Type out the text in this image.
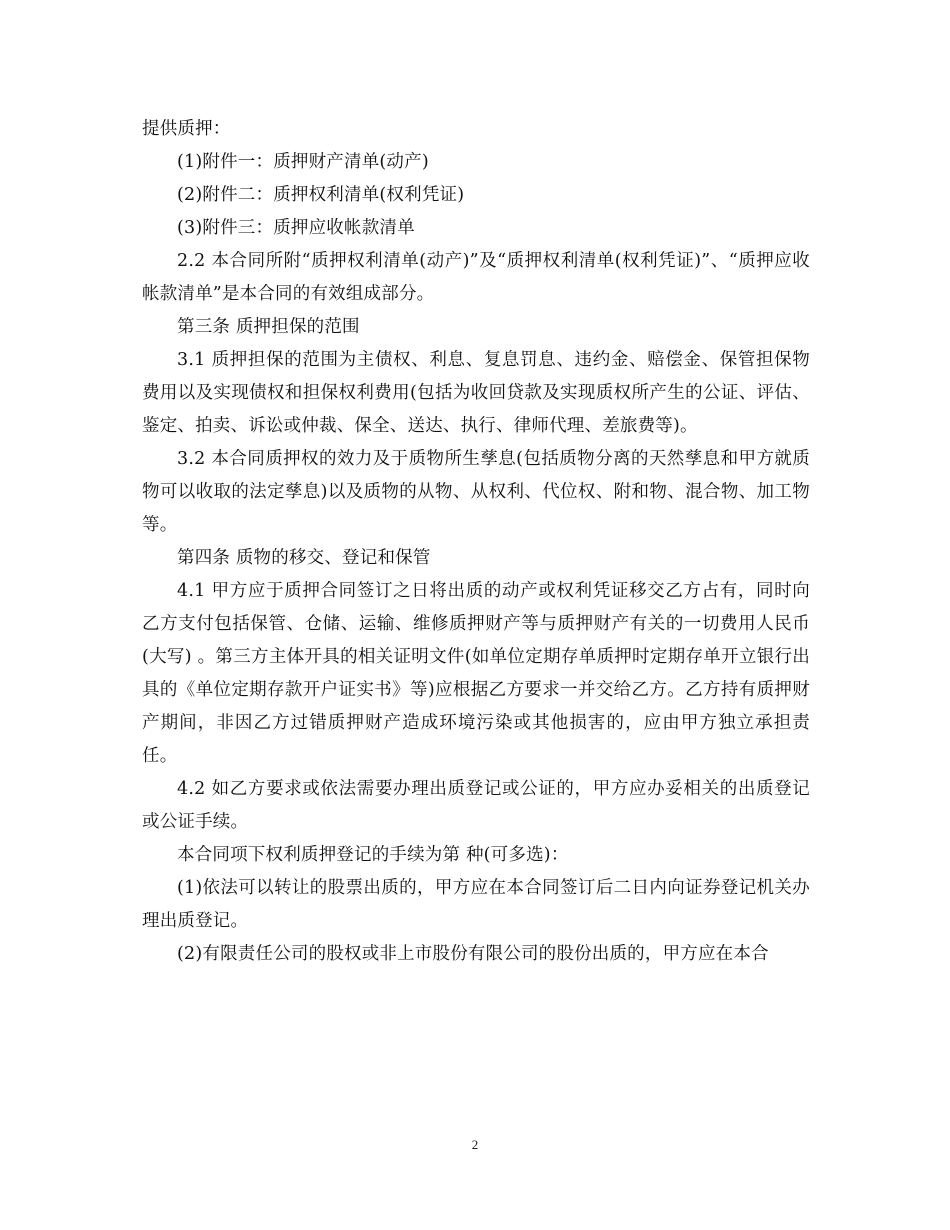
提供质押：

(1)附件一：质押财产清单(动产)

(2)附件二：质押权利清单(权利凭证)

(3)附件三：质押应收帐款清单

2.2 本合同所附“质押权利清单(动产)”及“质押权利清单(权利凭证)”、“质押应收帐款清单”是本合同的有效组成部分。

第三条 质押担保的范围

3.1 质押担保的范围为主债权、利息、复息罚息、违约金、赔偿金、保管担保物费用以及实现债权和担保权利费用(包括为收回贷款及实现质权所产生的公证、评估、鉴定、拍卖、诉讼或仲裁、保全、送达、执行、律师代理、差旅费等)。

3.2 本合同质押权的效力及于质物所生孳息(包括质物分离的天然孳息和甲方就质物可以收取的法定孳息)以及质物的从物、从权利、代位权、附和物、混合物、加工物等。

第四条 质物的移交、登记和保管

4.1 甲方应于质押合同签订之日将出质的动产或权利凭证移交乙方占有，同时向乙方支付包括保管、仓储、运输、维修质押财产等与质押财产有关的一切费用人民币(大写) 。第三方主体开具的相关证明文件(如单位定期存单质押时定期存单开立银行出具的《单位定期存款开户证实书》等)应根据乙方要求一并交给乙方。乙方持有质押财产期间，非因乙方过错质押财产造成环境污染或其他损害的，应由甲方独立承担责任。

4.2 如乙方要求或依法需要办理出质登记或公证的，甲方应办妥相关的出质登记或公证手续。

本合同项下权利质押登记的手续为第 种(可多选)：

(1)依法可以转让的股票出质的，甲方应在本合同签订后二日内向证券登记机关办理出质登记。

(2)有限责任公司的股权或非上市股份有限公司的股份出质的，甲方应在本合

2
